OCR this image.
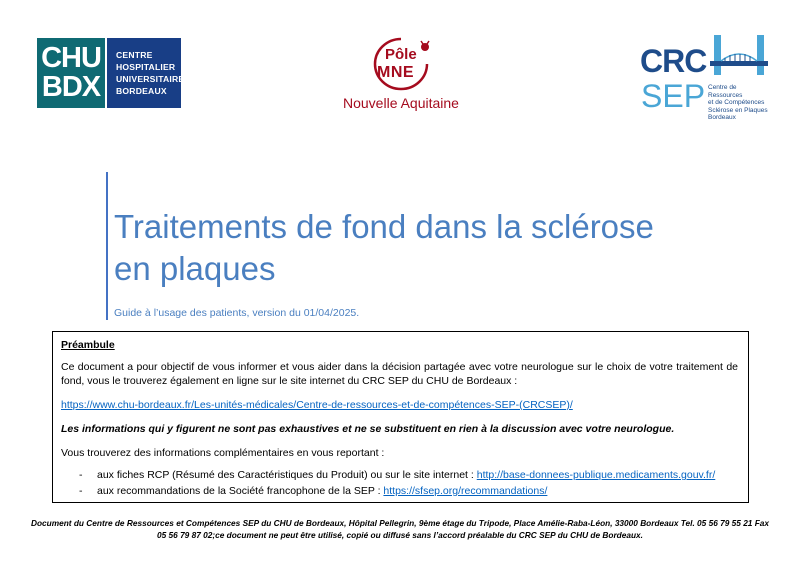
CHU
BDX
CENTRE
HOSPITALIER
UNIVERSITAIRE
BORDEAUX
Pôle
MNE
Nouvelle Aquitaine
CRC
SEP Centre de Ressources
et de Compétences
Sclérose en Plaques
Bordeaux
Traitements de fond dans la sclérose en plaques
Guide à l’usage des patients, version du 01/04/2025.

Préambule

Ce document a pour objectif de vous informer et vous aider dans la décision partagée avec votre neurologue sur le choix de votre traitement de fond, vous le trouverez également en ligne sur le site internet du CRC SEP du CHU de Bordeaux :

https://www.chu-bordeaux.fr/Les-unités-médicales/Centre-de-ressources-et-de-compétences-SEP-(CRCSEP)/

Les informations qui y figurent ne sont pas exhaustives et ne se substituent en rien à la discussion avec votre neurologue.

Vous trouverez des informations complémentaires en vous reportant :

- aux fiches RCP (Résumé des Caractéristiques du Produit) ou sur le site internet : http://base-donnees-publique.medicaments.gouv.fr/
- aux recommandations de la Société francophone de la SEP : https://sfsep.org/recommandations/
Document du Centre de Ressources et Compétences SEP du CHU de Bordeaux, Hôpital Pellegrin, 9ème étage du Tripode, Place Amélie-Raba-Léon, 33000 Bordeaux Tel. 05 56 79 55 21 Fax
05 56 79 87 02;ce document ne peut être utilisé, copié ou diffusé sans l’accord préalable du CRC SEP du CHU de Bordeaux.
